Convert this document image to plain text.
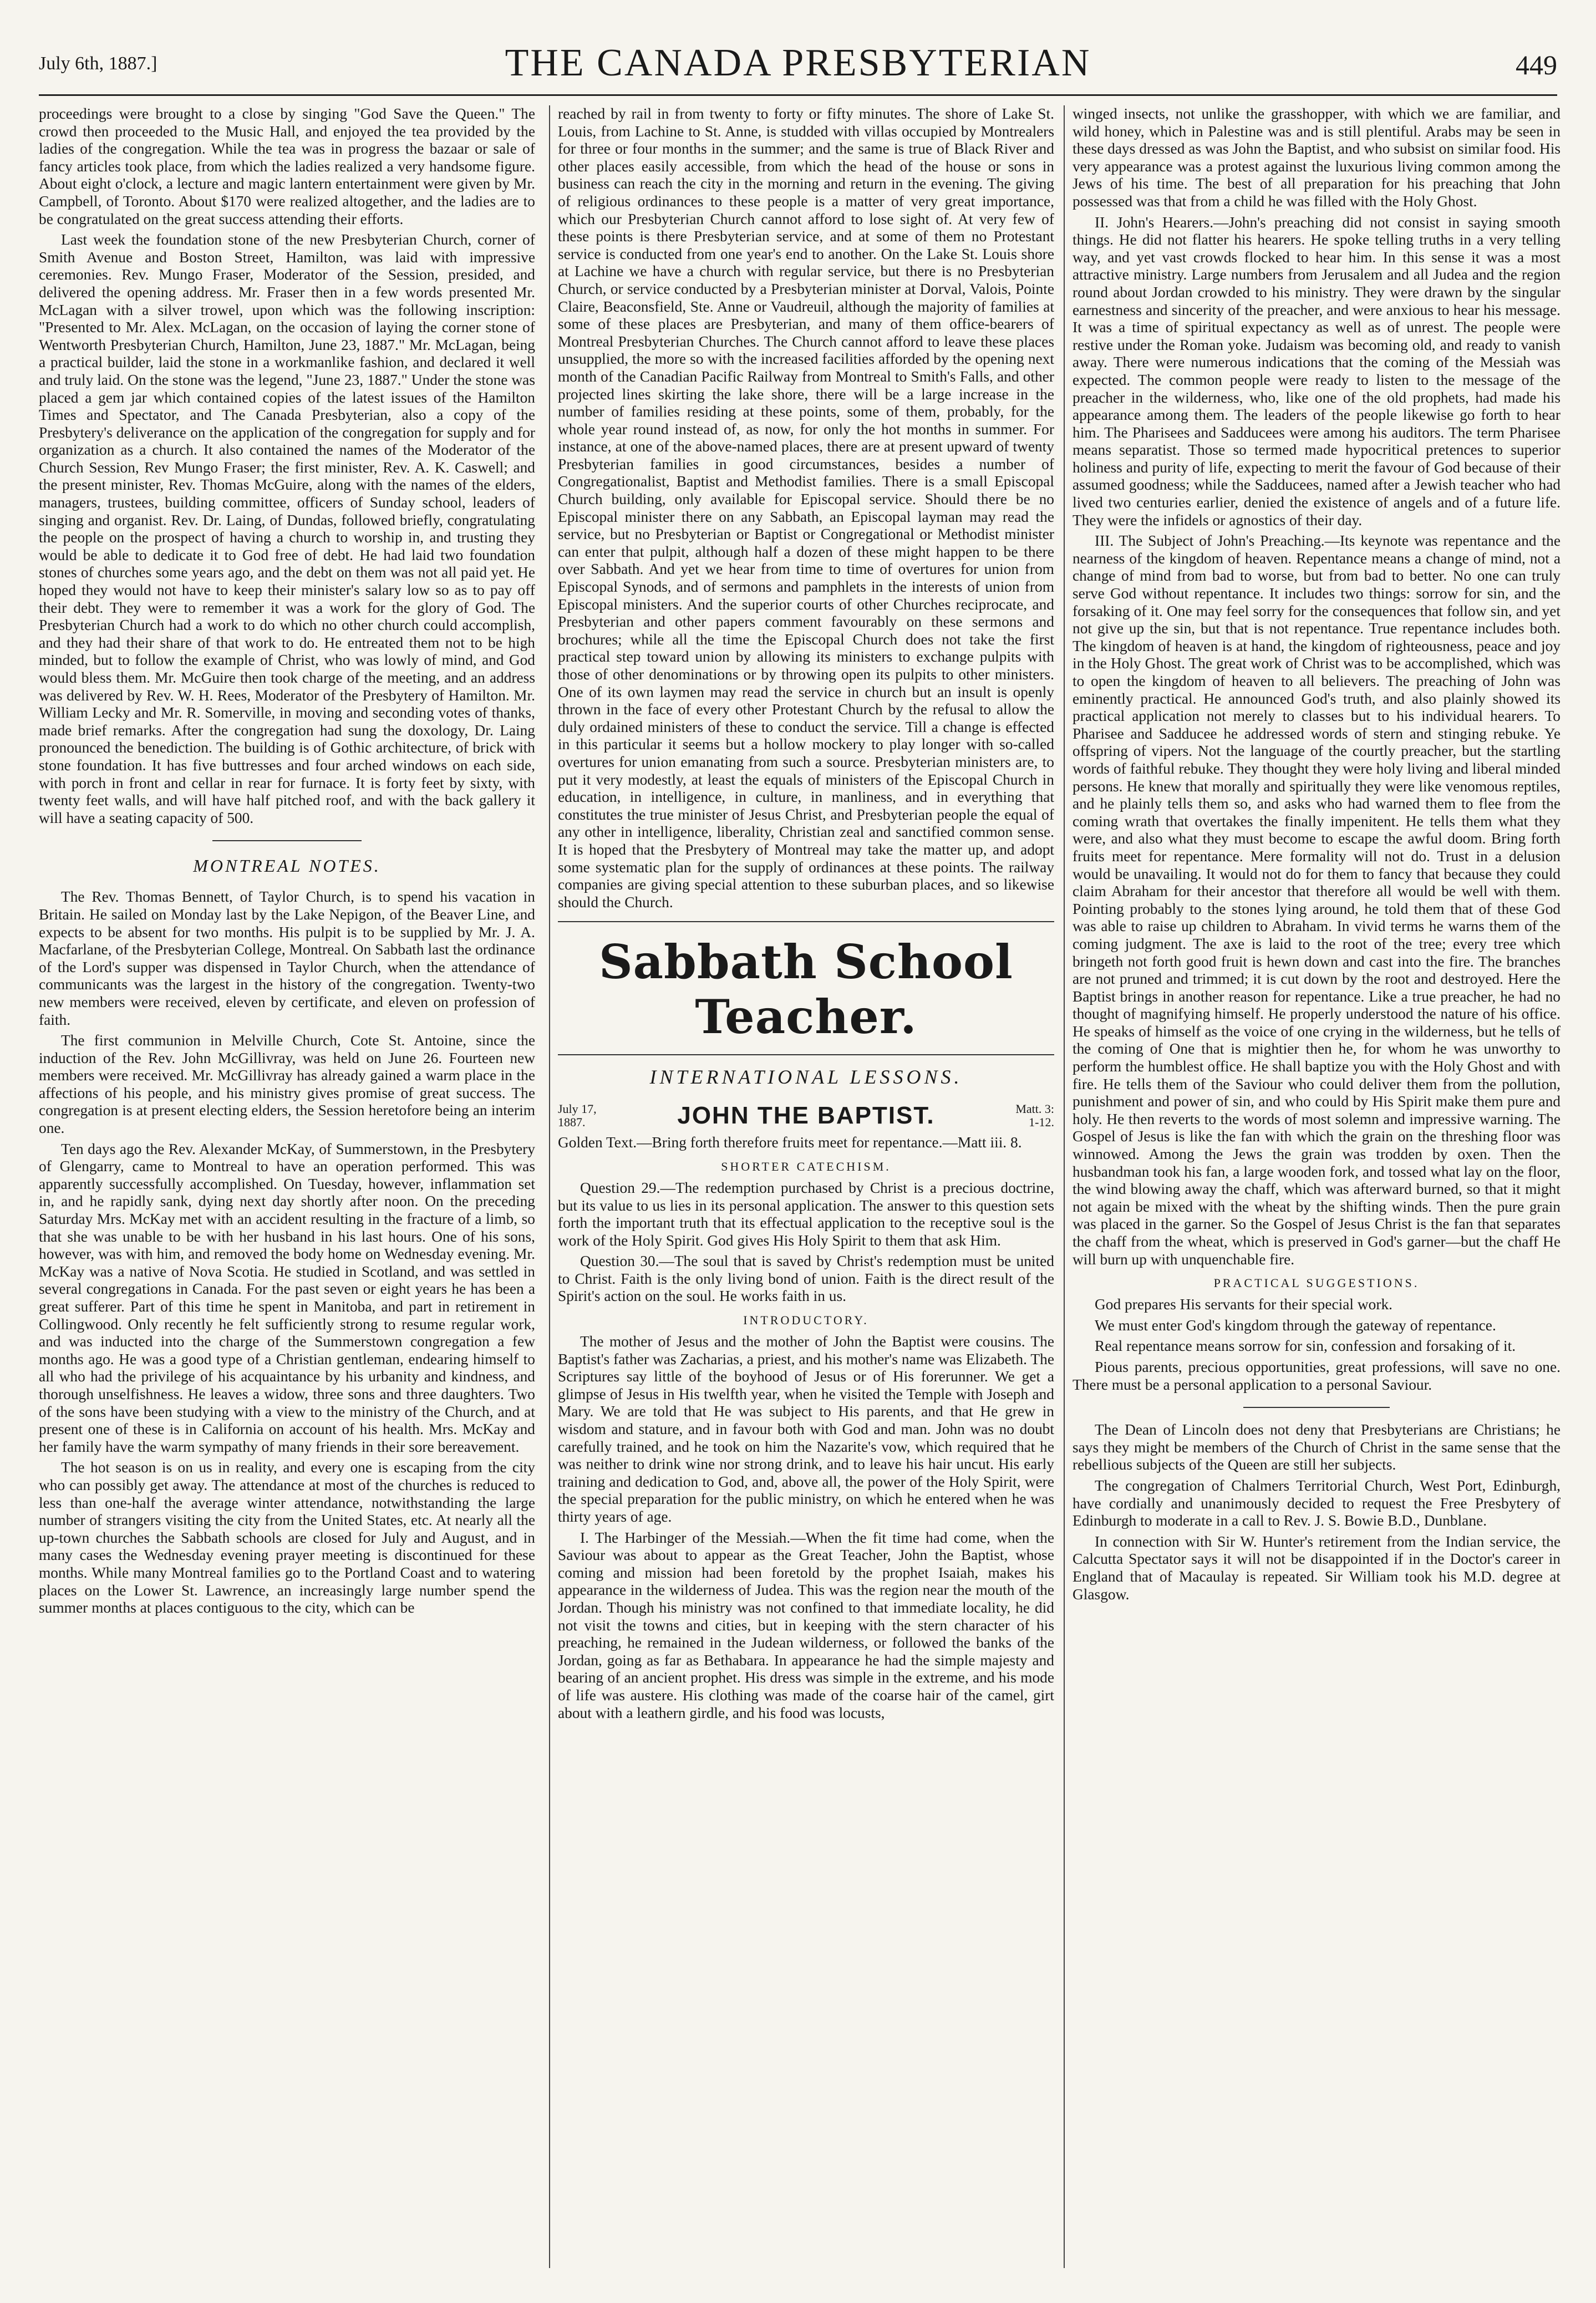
July 6th, 1887.]	THE CANADA PRESBYTERIAN	449

proceedings were brought to a close by singing "God Save the Queen." The crowd then proceeded to the Music Hall, and enjoyed the tea provided by the ladies of the congregation. While the tea was in progress the bazaar or sale of fancy articles took place, from which the ladies realized a very handsome figure. About eight o'clock, a lecture and magic lantern entertainment were given by Mr. Campbell, of Toronto. About $170 were realized altogether, and the ladies are to be congratulated on the great success attending their efforts.

Last week the foundation stone of the new Presbyterian Church, corner of Smith Avenue and Boston Street, Hamilton, was laid with impressive ceremonies. Rev. Mungo Fraser, Moderator of the Session, presided, and delivered the opening address. Mr. Fraser then in a few words presented Mr. McLagan with a silver trowel, upon which was the following inscription: "Presented to Mr. Alex. McLagan, on the occasion of laying the corner stone of Wentworth Presbyterian Church, Hamilton, June 23, 1887." Mr. McLagan, being a practical builder, laid the stone in a workmanlike fashion, and declared it well and truly laid. On the stone was the legend, "June 23, 1887." Under the stone was placed a gem jar which contained copies of the latest issues of the Hamilton Times and Spectator, and The Canada Presbyterian, also a copy of the Presbytery's deliverance on the application of the congregation for supply and for organization as a church. It also contained the names of the Moderator of the Church Session, Rev Mungo Fraser; the first minister, Rev. A. K. Caswell; and the present minister, Rev. Thomas McGuire, along with the names of the elders, managers, trustees, building committee, officers of Sunday school, leaders of singing and organist. Rev. Dr. Laing, of Dundas, followed briefly, congratulating the people on the prospect of having a church to worship in, and trusting they would be able to dedicate it to God free of debt. He had laid two foundation stones of churches some years ago, and the debt on them was not all paid yet. He hoped they would not have to keep their minister's salary low so as to pay off their debt. They were to remember it was a work for the glory of God. The Presbyterian Church had a work to do which no other church could accomplish, and they had their share of that work to do. He entreated them not to be high minded, but to follow the example of Christ, who was lowly of mind, and God would bless them. Mr. McGuire then took charge of the meeting, and an address was delivered by Rev. W. H. Rees, Moderator of the Presbytery of Hamilton. Mr. William Lecky and Mr. R. Somerville, in moving and seconding votes of thanks, made brief remarks. After the congregation had sung the doxology, Dr. Laing pronounced the benediction. The building is of Gothic architecture, of brick with stone foundation. It has five buttresses and four arched windows on each side, with porch in front and cellar in rear for furnace. It is forty feet by sixty, with twenty feet walls, and will have half pitched roof, and with the back gallery it will have a seating capacity of 500.

MONTREAL NOTES.

The Rev. Thomas Bennett, of Taylor Church, is to spend his vacation in Britain. He sailed on Monday last by the Lake Nepigon, of the Beaver Line, and expects to be absent for two months. His pulpit is to be supplied by Mr. J. A. Macfarlane, of the Presbyterian College, Montreal. On Sabbath last the ordinance of the Lord's supper was dispensed in Taylor Church, when the attendance of communicants was the largest in the history of the congregation. Twenty-two new members were received, eleven by certificate, and eleven on profession of faith.

The first communion in Melville Church, Cote St. Antoine, since the induction of the Rev. John McGillivray, was held on June 26. Fourteen new members were received. Mr. McGillivray has already gained a warm place in the affections of his people, and his ministry gives promise of great success. The congregation is at present electing elders, the Session heretofore being an interim one.

Ten days ago the Rev. Alexander McKay, of Summerstown, in the Presbytery of Glengarry, came to Montreal to have an operation performed. This was apparently successfully accomplished. On Tuesday, however, inflammation set in, and he rapidly sank, dying next day shortly after noon. On the preceding Saturday Mrs. McKay met with an accident resulting in the fracture of a limb, so that she was unable to be with her husband in his last hours. One of his sons, however, was with him, and removed the body home on Wednesday evening. Mr. McKay was a native of Nova Scotia. He studied in Scotland, and was settled in several congregations in Canada. For the past seven or eight years he has been a great sufferer. Part of this time he spent in Manitoba, and part in retirement in Collingwood. Only recently he felt sufficiently strong to resume regular work, and was inducted into the charge of the Summerstown congregation a few months ago. He was a good type of a Christian gentleman, endearing himself to all who had the privilege of his acquaintance by his urbanity and kindness, and thorough unselfishness. He leaves a widow, three sons and three daughters. Two of the sons have been studying with a view to the ministry of the Church, and at present one of these is in California on account of his health. Mrs. McKay and her family have the warm sympathy of many friends in their sore bereavement.

The hot season is on us in reality, and every one is escaping from the city who can possibly get away. The attendance at most of the churches is reduced to less than one-half the average winter attendance, notwithstanding the large number of strangers visiting the city from the United States, etc. At nearly all the up-town churches the Sabbath schools are closed for July and August, and in many cases the Wednesday evening prayer meeting is discontinued for these months. While many Montreal families go to the Portland Coast and to watering places on the Lower St. Lawrence, an increasingly large number spend the summer months at places contiguous to the city, which can be

reached by rail in from twenty to forty or fifty minutes. The shore of Lake St. Louis, from Lachine to St. Anne, is studded with villas occupied by Montrealers for three or four months in the summer; and the same is true of Black River and other places easily accessible, from which the head of the house or sons in business can reach the city in the morning and return in the evening. The giving of religious ordinances to these people is a matter of very great importance, which our Presbyterian Church cannot afford to lose sight of. At very few of these points is there Presbyterian service, and at some of them no Protestant service is conducted from one year's end to another. On the Lake St. Louis shore at Lachine we have a church with regular service, but there is no Presbyterian Church, or service conducted by a Presbyterian minister at Dorval, Valois, Pointe Claire, Beaconsfield, Ste. Anne or Vaudreuil, although the majority of families at some of these places are Presbyterian, and many of them office-bearers of Montreal Presbyterian Churches. The Church cannot afford to leave these places unsupplied, the more so with the increased facilities afforded by the opening next month of the Canadian Pacific Railway from Montreal to Smith's Falls, and other projected lines skirting the lake shore, there will be a large increase in the number of families residing at these points, some of them, probably, for the whole year round instead of, as now, for only the hot months in summer. For instance, at one of the above-named places, there are at present upward of twenty Presbyterian families in good circumstances, besides a number of Congregationalist, Baptist and Methodist families. There is a small Episcopal Church building, only available for Episcopal service. Should there be no Episcopal minister there on any Sabbath, an Episcopal layman may read the service, but no Presbyterian or Baptist or Congregational or Methodist minister can enter that pulpit, although half a dozen of these might happen to be there over Sabbath. And yet we hear from time to time of overtures for union from Episcopal Synods, and of sermons and pamphlets in the interests of union from Episcopal ministers. And the superior courts of other Churches reciprocate, and Presbyterian and other papers comment favourably on these sermons and brochures; while all the time the Episcopal Church does not take the first practical step toward union by allowing its ministers to exchange pulpits with those of other denominations or by throwing open its pulpits to other ministers. One of its own laymen may read the service in church but an insult is openly thrown in the face of every other Protestant Church by the refusal to allow the duly ordained ministers of these to conduct the service. Till a change is effected in this particular it seems but a hollow mockery to play longer with so-called overtures for union emanating from such a source. Presbyterian ministers are, to put it very modestly, at least the equals of ministers of the Episcopal Church in education, in intelligence, in culture, in manliness, and in everything that constitutes the true minister of Jesus Christ, and Presbyterian people the equal of any other in intelligence, liberality, Christian zeal and sanctified common sense. It is hoped that the Presbytery of Montreal may take the matter up, and adopt some systematic plan for the supply of ordinances at these points. The railway companies are giving special attention to these suburban places, and so likewise should the Church.

Sabbath School Teacher.
INTERNATIONAL LESSONS.
July 17,
1887.	JOHN THE BAPTIST.	Matt. 3:
1-12.

Golden Text.—Bring forth therefore fruits meet for repentance.—Matt iii. 8.

SHORTER CATECHISM.

Question 29.—The redemption purchased by Christ is a precious doctrine, but its value to us lies in its personal application. The answer to this question sets forth the important truth that its effectual application to the receptive soul is the work of the Holy Spirit. God gives His Holy Spirit to them that ask Him.

Question 30.—The soul that is saved by Christ's redemption must be united to Christ. Faith is the only living bond of union. Faith is the direct result of the Spirit's action on the soul. He works faith in us.

INTRODUCTORY.

The mother of Jesus and the mother of John the Baptist were cousins. The Baptist's father was Zacharias, a priest, and his mother's name was Elizabeth. The Scriptures say little of the boyhood of Jesus or of His forerunner. We get a glimpse of Jesus in His twelfth year, when he visited the Temple with Joseph and Mary. We are told that He was subject to His parents, and that He grew in wisdom and stature, and in favour both with God and man. John was no doubt carefully trained, and he took on him the Nazarite's vow, which required that he was neither to drink wine nor strong drink, and to leave his hair uncut. His early training and dedication to God, and, above all, the power of the Holy Spirit, were the special preparation for the public ministry, on which he entered when he was thirty years of age.

I. The Harbinger of the Messiah.—When the fit time had come, when the Saviour was about to appear as the Great Teacher, John the Baptist, whose coming and mission had been foretold by the prophet Isaiah, makes his appearance in the wilderness of Judea. This was the region near the mouth of the Jordan. Though his ministry was not confined to that immediate locality, he did not visit the towns and cities, but in keeping with the stern character of his preaching, he remained in the Judean wilderness, or followed the banks of the Jordan, going as far as Bethabara. In appearance he had the simple majesty and bearing of an ancient prophet. His dress was simple in the extreme, and his mode of life was austere. His clothing was made of the coarse hair of the camel, girt about with a leathern girdle, and his food was locusts,

winged insects, not unlike the grasshopper, with which we are familiar, and wild honey, which in Palestine was and is still plentiful. Arabs may be seen in these days dressed as was John the Baptist, and who subsist on similar food. His very appearance was a protest against the luxurious living common among the Jews of his time. The best of all preparation for his preaching that John possessed was that from a child he was filled with the Holy Ghost.

II. John's Hearers.—John's preaching did not consist in saying smooth things. He did not flatter his hearers. He spoke telling truths in a very telling way, and yet vast crowds flocked to hear him. In this sense it was a most attractive ministry. Large numbers from Jerusalem and all Judea and the region round about Jordan crowded to his ministry. They were drawn by the singular earnestness and sincerity of the preacher, and were anxious to hear his message. It was a time of spiritual expectancy as well as of unrest. The people were restive under the Roman yoke. Judaism was becoming old, and ready to vanish away. There were numerous indications that the coming of the Messiah was expected. The common people were ready to listen to the message of the preacher in the wilderness, who, like one of the old prophets, had made his appearance among them. The leaders of the people likewise go forth to hear him. The Pharisees and Sadducees were among his auditors. The term Pharisee means separatist. Those so termed made hypocritical pretences to superior holiness and purity of life, expecting to merit the favour of God because of their assumed goodness; while the Sadducees, named after a Jewish teacher who had lived two centuries earlier, denied the existence of angels and of a future life. They were the infidels or agnostics of their day.

III. The Subject of John's Preaching.—Its keynote was repentance and the nearness of the kingdom of heaven. Repentance means a change of mind, not a change of mind from bad to worse, but from bad to better. No one can truly serve God without repentance. It includes two things: sorrow for sin, and the forsaking of it. One may feel sorry for the consequences that follow sin, and yet not give up the sin, but that is not repentance. True repentance includes both. The kingdom of heaven is at hand, the kingdom of righteousness, peace and joy in the Holy Ghost. The great work of Christ was to be accomplished, which was to open the kingdom of heaven to all believers. The preaching of John was eminently practical. He announced God's truth, and also plainly showed its practical application not merely to classes but to his individual hearers. To Pharisee and Sadducee he addressed words of stern and stinging rebuke. Ye offspring of vipers. Not the language of the courtly preacher, but the startling words of faithful rebuke. They thought they were holy living and liberal minded persons. He knew that morally and spiritually they were like venomous reptiles, and he plainly tells them so, and asks who had warned them to flee from the coming wrath that overtakes the finally impenitent. He tells them what they were, and also what they must become to escape the awful doom. Bring forth fruits meet for repentance. Mere formality will not do. Trust in a delusion would be unavailing. It would not do for them to fancy that because they could claim Abraham for their ancestor that therefore all would be well with them. Pointing probably to the stones lying around, he told them that of these God was able to raise up children to Abraham. In vivid terms he warns them of the coming judgment. The axe is laid to the root of the tree; every tree which bringeth not forth good fruit is hewn down and cast into the fire. The branches are not pruned and trimmed; it is cut down by the root and destroyed. Here the Baptist brings in another reason for repentance. Like a true preacher, he had no thought of magnifying himself. He properly understood the nature of his office. He speaks of himself as the voice of one crying in the wilderness, but he tells of the coming of One that is mightier then he, for whom he was unworthy to perform the humblest office. He shall baptize you with the Holy Ghost and with fire. He tells them of the Saviour who could deliver them from the pollution, punishment and power of sin, and who could by His Spirit make them pure and holy. He then reverts to the words of most solemn and impressive warning. The Gospel of Jesus is like the fan with which the grain on the threshing floor was winnowed. Among the Jews the grain was trodden by oxen. Then the husbandman took his fan, a large wooden fork, and tossed what lay on the floor, the wind blowing away the chaff, which was afterward burned, so that it might not again be mixed with the wheat by the shifting winds. Then the pure grain was placed in the garner. So the Gospel of Jesus Christ is the fan that separates the chaff from the wheat, which is preserved in God's garner—but the chaff He will burn up with unquenchable fire.

PRACTICAL SUGGESTIONS.

God prepares His servants for their special work.

We must enter God's kingdom through the gateway of repentance.

Real repentance means sorrow for sin, confession and forsaking of it.

Pious parents, precious opportunities, great professions, will save no one. There must be a personal application to a personal Saviour.

The Dean of Lincoln does not deny that Presbyterians are Christians; he says they might be members of the Church of Christ in the same sense that the rebellious subjects of the Queen are still her subjects.

The congregation of Chalmers Territorial Church, West Port, Edinburgh, have cordially and unanimously decided to request the Free Presbytery of Edinburgh to moderate in a call to Rev. J. S. Bowie B.D., Dunblane.

In connection with Sir W. Hunter's retirement from the Indian service, the Calcutta Spectator says it will not be disappointed if in the Doctor's career in England that of Macaulay is repeated. Sir William took his M.D. degree at Glasgow.
